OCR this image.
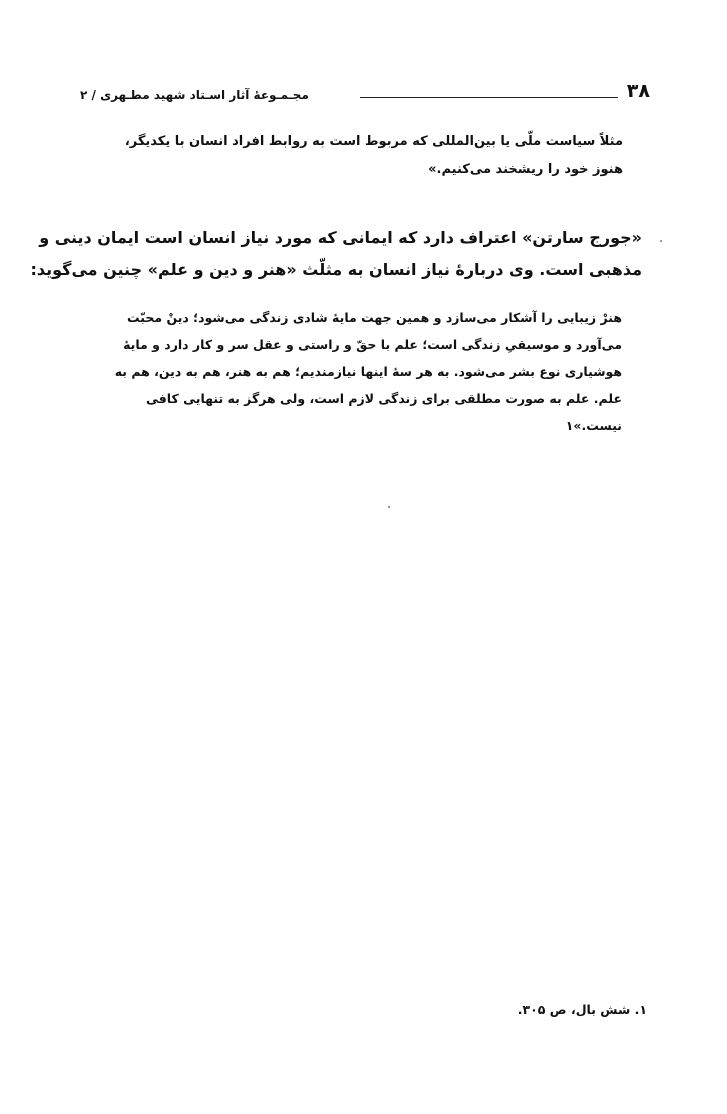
۳۸
مجـمـوعهٔ آثار اسـتاد شهید مطـهری / ۲
مثلاً سیاست ملّی یا بین‌المللی که مربوط است به روابط افراد انسان با یکدیگر،
هنوز خود را ریشخند می‌کنیم.»
«جورج سارتن» اعتراف دارد که ایمانی که مورد نیاز انسان است ایمان دینی و
مذهبی است. وی دربارهٔ نیاز انسان به مثلّث «هنر و دین و علم» چنین می‌گوید:
هنرْ زیبایی را آشکار می‌سازد و همین جهت مایهٔ شادی زندگی می‌شود؛ دینْ محبّت
می‌آورد و موسیقیِ زندگی است؛ علم با حقّ و راستی و عقل سر و کار دارد و مایهٔ
هوشیاری نوع بشر می‌شود. به هر سهٔ اینها نیازمندیم؛ هم به هنر، هم به دین، هم به
علم. علم به صورت مطلقی برای زندگی لازم است، ولی هرگز به تنهایی کافی
نیست.»۱
۱. شش بال، ص ۳۰۵.
